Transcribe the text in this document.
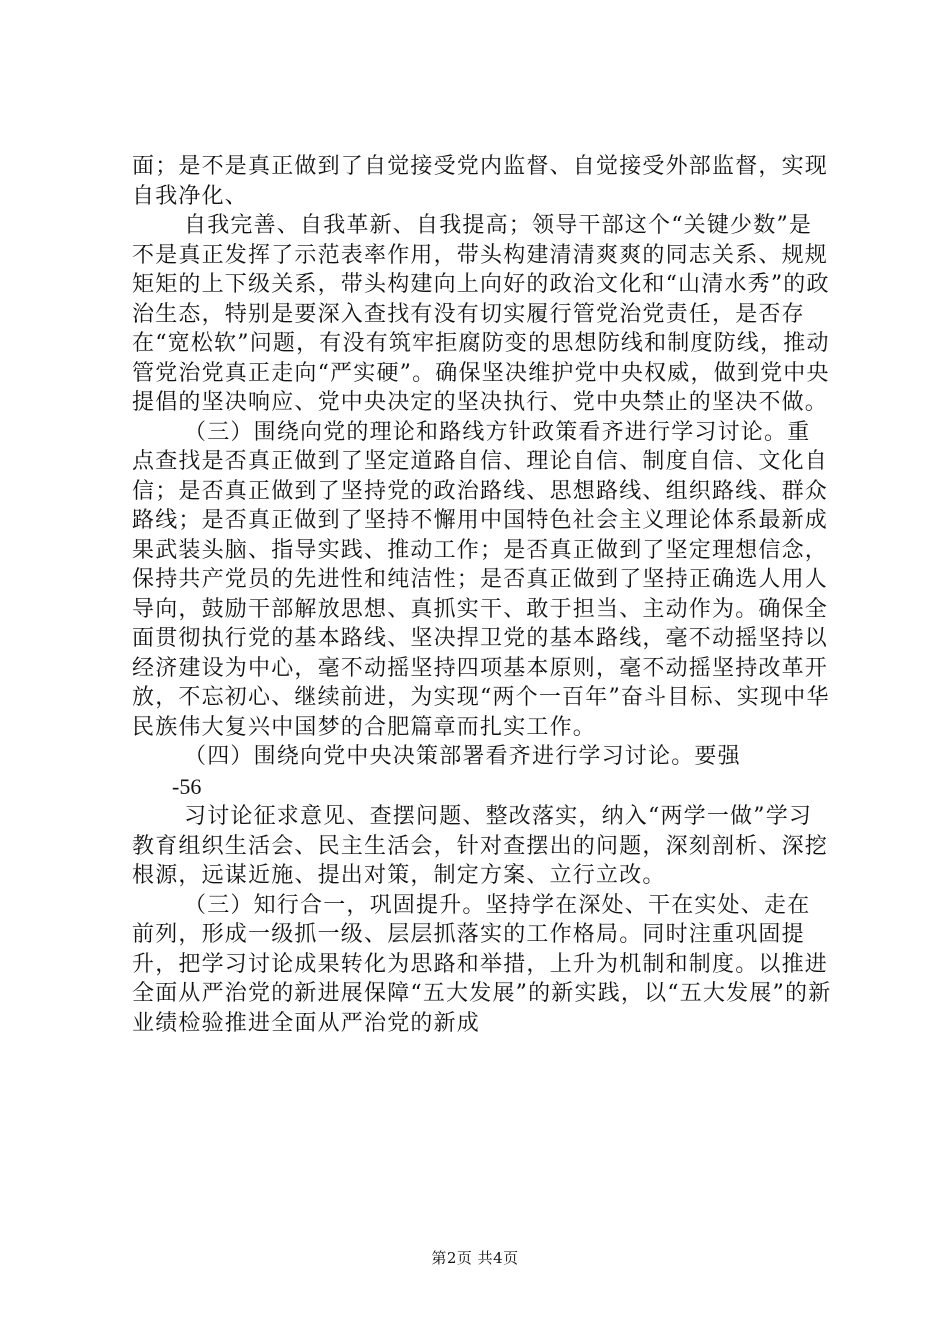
面；是不是真正做到了自觉接受党内监督、自觉接受外部监督，实现自我净化、

自我完善、自我革新、自我提高；领导干部这个“关键少数”是不是真正发挥了示范表率作用，带头构建清清爽爽的同志关系、规规矩矩的上下级关系，带头构建向上向好的政治文化和“山清水秀”的政治生态，特别是要深入查找有没有切实履行管党治党责任，是否存在“宽松软”问题，有没有筑牢拒腐防变的思想防线和制度防线，推动管党治党真正走向“严实硬”。确保坚决维护党中央权威，做到党中央提倡的坚决响应、党中央决定的坚决执行、党中央禁止的坚决不做。

（三）围绕向党的理论和路线方针政策看齐进行学习讨论。重点查找是否真正做到了坚定道路自信、理论自信、制度自信、文化自信；是否真正做到了坚持党的政治路线、思想路线、组织路线、群众路线；是否真正做到了坚持不懈用中国特色社会主义理论体系最新成果武装头脑、指导实践、推动工作；是否真正做到了坚定理想信念，保持共产党员的先进性和纯洁性；是否真正做到了坚持正确选人用人导向，鼓励干部解放思想、真抓实干、敢于担当、主动作为。确保全面贯彻执行党的基本路线、坚决捍卫党的基本路线，毫不动摇坚持以经济建设为中心，毫不动摇坚持四项基本原则，毫不动摇坚持改革开放，不忘初心、继续前进，为实现“两个一百年”奋斗目标、实现中华民族伟大复兴中国梦的合肥篇章而扎实工作。

（四）围绕向党中央决策部署看齐进行学习讨论。要强

-56

习讨论征求意见、查摆问题、整改落实，纳入“两学一做”学习教育组织生活会、民主生活会，针对查摆出的问题，深刻剖析、深挖根源，远谋近施、提出对策，制定方案、立行立改。

（三）知行合一，巩固提升。坚持学在深处、干在实处、走在前列，形成一级抓一级、层层抓落实的工作格局。同时注重巩固提升，把学习讨论成果转化为思路和举措，上升为机制和制度。以推进全面从严治党的新进展保障“五大发展”的新实践，以“五大发展”的新业绩检验推进全面从严治党的新成

第2页 共4页
